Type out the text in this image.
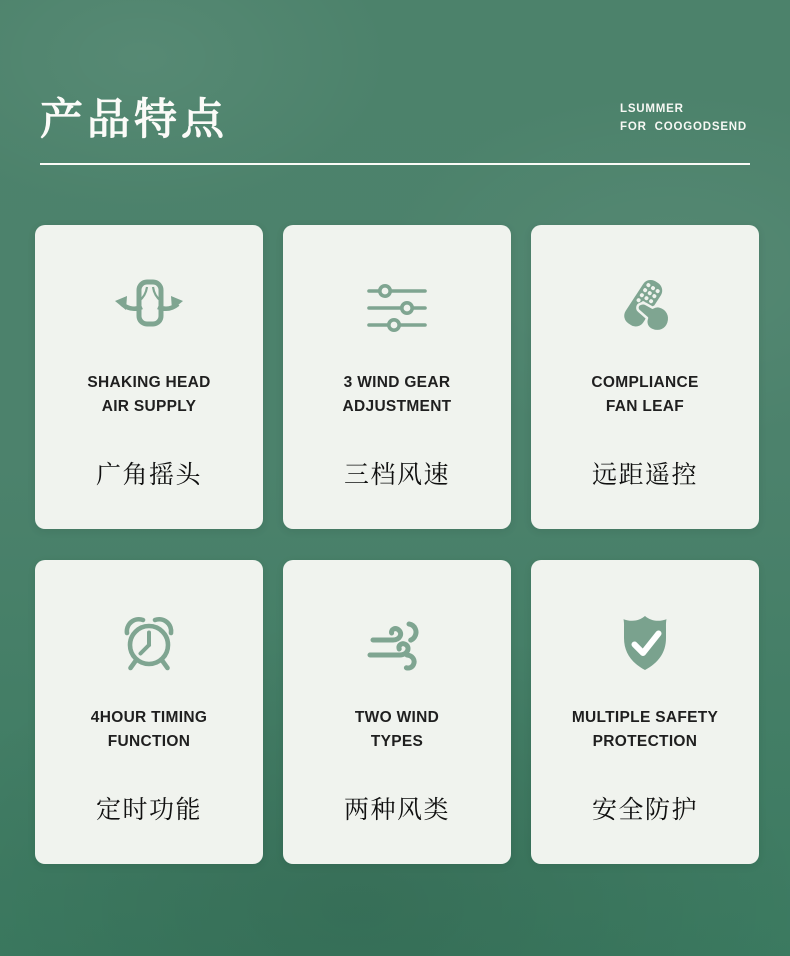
产品特点	LSUMMER
FOR  COOGODSEND
SHAKING HEAD
AIR SUPPLY
广角摇头
3 WIND GEAR
ADJUSTMENT
三档风速
COMPLIANCE
FAN LEAF
远距遥控
4HOUR TIMING
FUNCTION
定时功能
TWO WIND
TYPES
两种风类
MULTIPLE SAFETY
PROTECTION
安全防护
